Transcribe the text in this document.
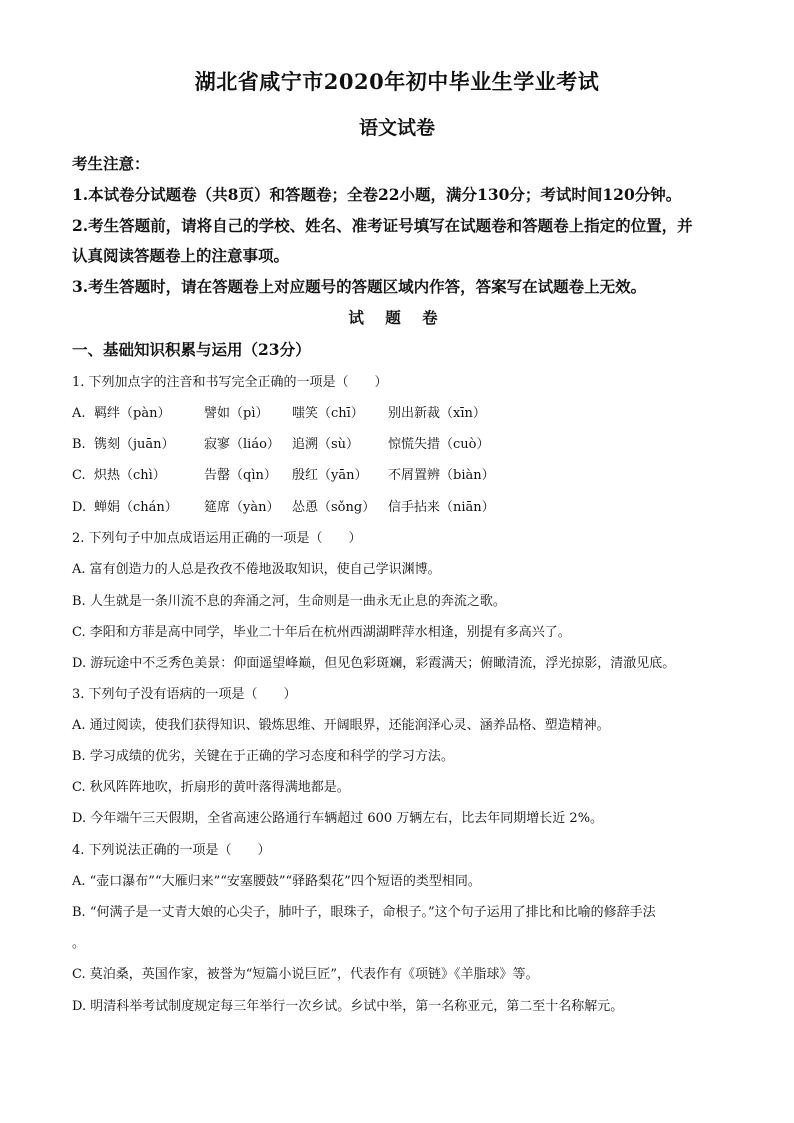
湖北省咸宁市2020年初中毕业生学业考试
语文试卷
考生注意：
1.本试卷分试题卷（共8页）和答题卷；全卷22小题，满分130分；考试时间120分钟。
2.考生答题前，请将自己的学校、姓名、准考证号填写在试题卷和答题卷上指定的位置，并
认真阅读答题卷上的注意事项。
3.考生答题时，请在答题卷上对应题号的答题区域内作答，答案写在试题卷上无效。
试 题 卷
一、基础知识积累与运用（23分）
1. 下列加点字的注音和书写完全正确的一项是（　　）
A. 羁绊（pàn）	譬如（pì） 嗤笑（chī） 别出新裁（xīn）
B. 镌刻（juān） 寂寥（liáo） 追溯（sù） 惊慌失措（cuò）
C. 炽热（chì）	告罄（qìn） 殷红（yān） 不屑置辨（biàn）
D. 蝉娟（chán） 筵席（yàn） 怂恿（sǒng） 信手拈来（niān）
2. 下列句子中加点成语运用正确的一项是（　　）
A. 富有创造力的人总是孜孜不倦地汲取知识，使自己学识渊博。
B. 人生就是一条川流不息的奔涌之河，生命则是一曲永无止息的奔流之歌。
C. 李阳和方菲是高中同学，毕业二十年后在杭州西湖湖畔萍水相逢，别提有多高兴了。
D. 游玩途中不乏秀色美景：仰面遥望峰巅，但见色彩斑斓，彩霞满天；俯瞰清流，浮光掠影，清澈见底。
3. 下列句子没有语病的一项是（　　）
A. 通过阅读，使我们获得知识、锻炼思维、开阔眼界，还能润泽心灵、涵养品格、塑造精神。
B. 学习成绩的优劣，关键在于正确的学习态度和科学的学习方法。
C. 秋风阵阵地吹，折扇形的黄叶落得满地都是。
D. 今年端午三天假期，全省高速公路通行车辆超过 600 万辆左右，比去年同期增长近 2%。
4. 下列说法正确的一项是（　　）
A. “壶口瀑布”“大雁归来”“安塞腰鼓”“驿路梨花”四个短语的类型相同。
B. “何满子是一丈青大娘的心尖子，肺叶子，眼珠子，命根子。”这个句子运用了排比和比喻的修辞手法
。
C. 莫泊桑，英国作家，被誉为“短篇小说巨匠”，代表作有《项链》《羊脂球》等。
D. 明清科举考试制度规定每三年举行一次乡试。乡试中举，第一名称亚元，第二至十名称解元。
